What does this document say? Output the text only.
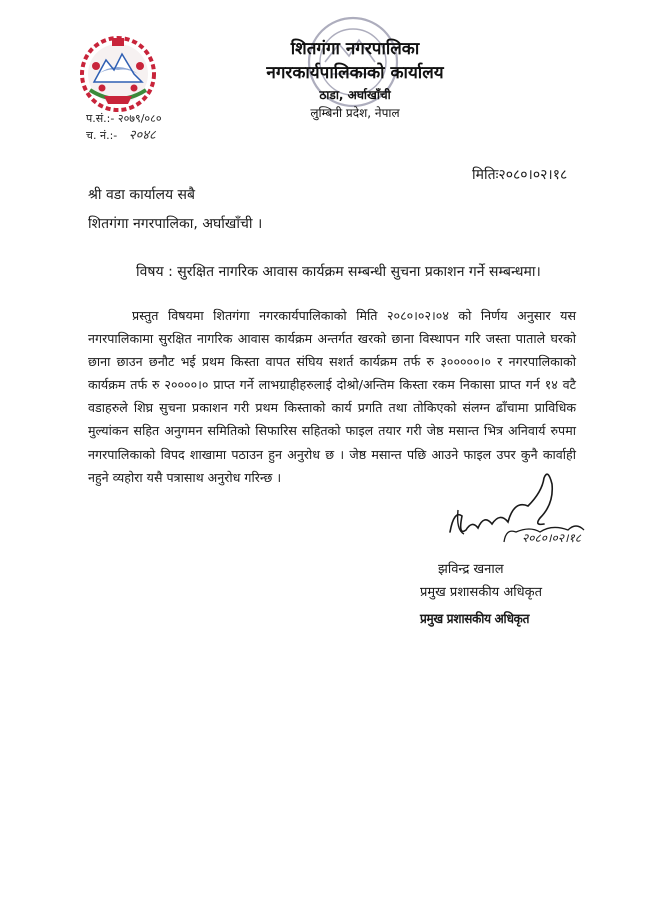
शितगंगा नगरपालिका
नगरकार्यपालिकाको कार्यालय
ठाडा, अर्घाखाँची
लुम्बिनी प्रदेश, नेपाल
प.सं.:- २०७९/०८०
च. नं.:- २०४८
मितिः२०८०।०२।१८
श्री वडा कार्यालय सबै
शितगंगा नगरपालिका, अर्घाखाँची ।
विषय : सुरक्षित नागरिक आवास कार्यक्रम सम्बन्धी सुचना प्रकाशन गर्ने सम्बन्धमा।

प्रस्तुत विषयमा शितगंगा नगरकार्यपालिकाको मिति २०८०।०२।०४ को निर्णय अनुसार यस नगरपालिकामा सुरक्षित नागरिक आवास कार्यक्रम अन्तर्गत खरको छाना विस्थापन गरि जस्ता पाताले घरको छाना छाउन छनौट भई प्रथम किस्ता वापत संघिय सशर्त कार्यक्रम तर्फ रु ३०००००।० र नगरपालिकाको कार्यक्रम तर्फ रु २००००।० प्राप्त गर्ने लाभग्राहीहरुलाई दोश्रो/अन्तिम किस्ता रकम निकासा प्राप्त गर्न १४ वटै वडाहरुले शिघ्र सुचना प्रकाशन गरी प्रथम किस्ताको कार्य प्रगति तथा तोकिएको संलग्न ढाँचामा प्राविधिक मुल्यांकन सहित अनुगमन समितिको सिफारिस सहितको फाइल तयार गरी जेष्ठ मसान्त भित्र अनिवार्य रुपमा नगरपालिकाको विपद शाखामा पठाउन हुन अनुरोध छ । जेष्ठ मसान्त पछि आउने फाइल उपर कुनै कार्वाही नहुने व्यहोरा यसै पत्रासाथ अनुरोध गरिन्छ ।

२०८०।०२।१८
झविन्द्र खनाल
प्रमुख प्रशासकीय अधिकृत
प्रमुख प्रशासकीय अधिकृत
